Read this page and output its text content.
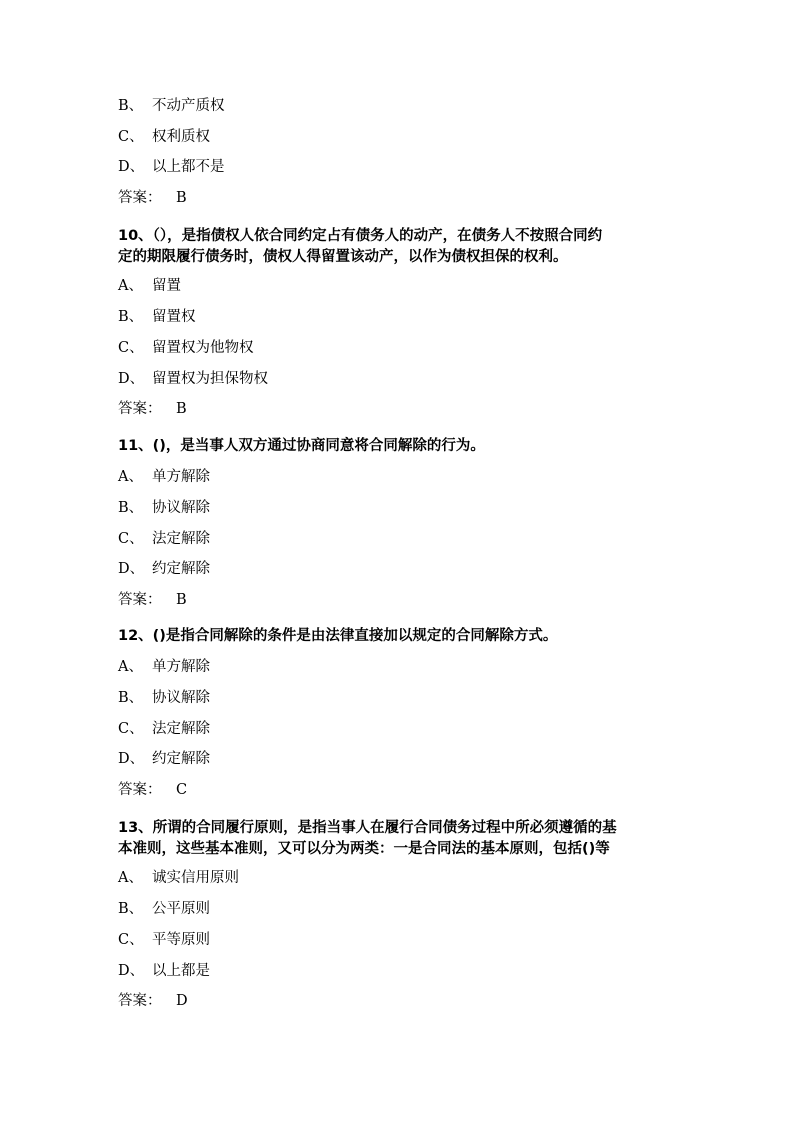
B、 不动产质权
C、 权利质权
D、 以上都不是
答案： B
10、（），是指债权人依合同约定占有债务人的动产，在债务人不按照合同约
定的期限履行债务时，债权人得留置该动产，以作为债权担保的权利。
A、 留置
B、 留置权
C、 留置权为他物权
D、 留置权为担保物权
答案： B
11、()，是当事人双方通过协商同意将合同解除的行为。
A、 单方解除
B、 协议解除
C、 法定解除
D、 约定解除
答案： B
12、()是指合同解除的条件是由法律直接加以规定的合同解除方式。
A、 单方解除
B、 协议解除
C、 法定解除
D、 约定解除
答案： C
13、所谓的合同履行原则，是指当事人在履行合同债务过程中所必须遵循的基
本准则，这些基本准则，又可以分为两类：一是合同法的基本原则，包括()等
A、 诚实信用原则
B、 公平原则
C、 平等原则
D、 以上都是
答案： D
